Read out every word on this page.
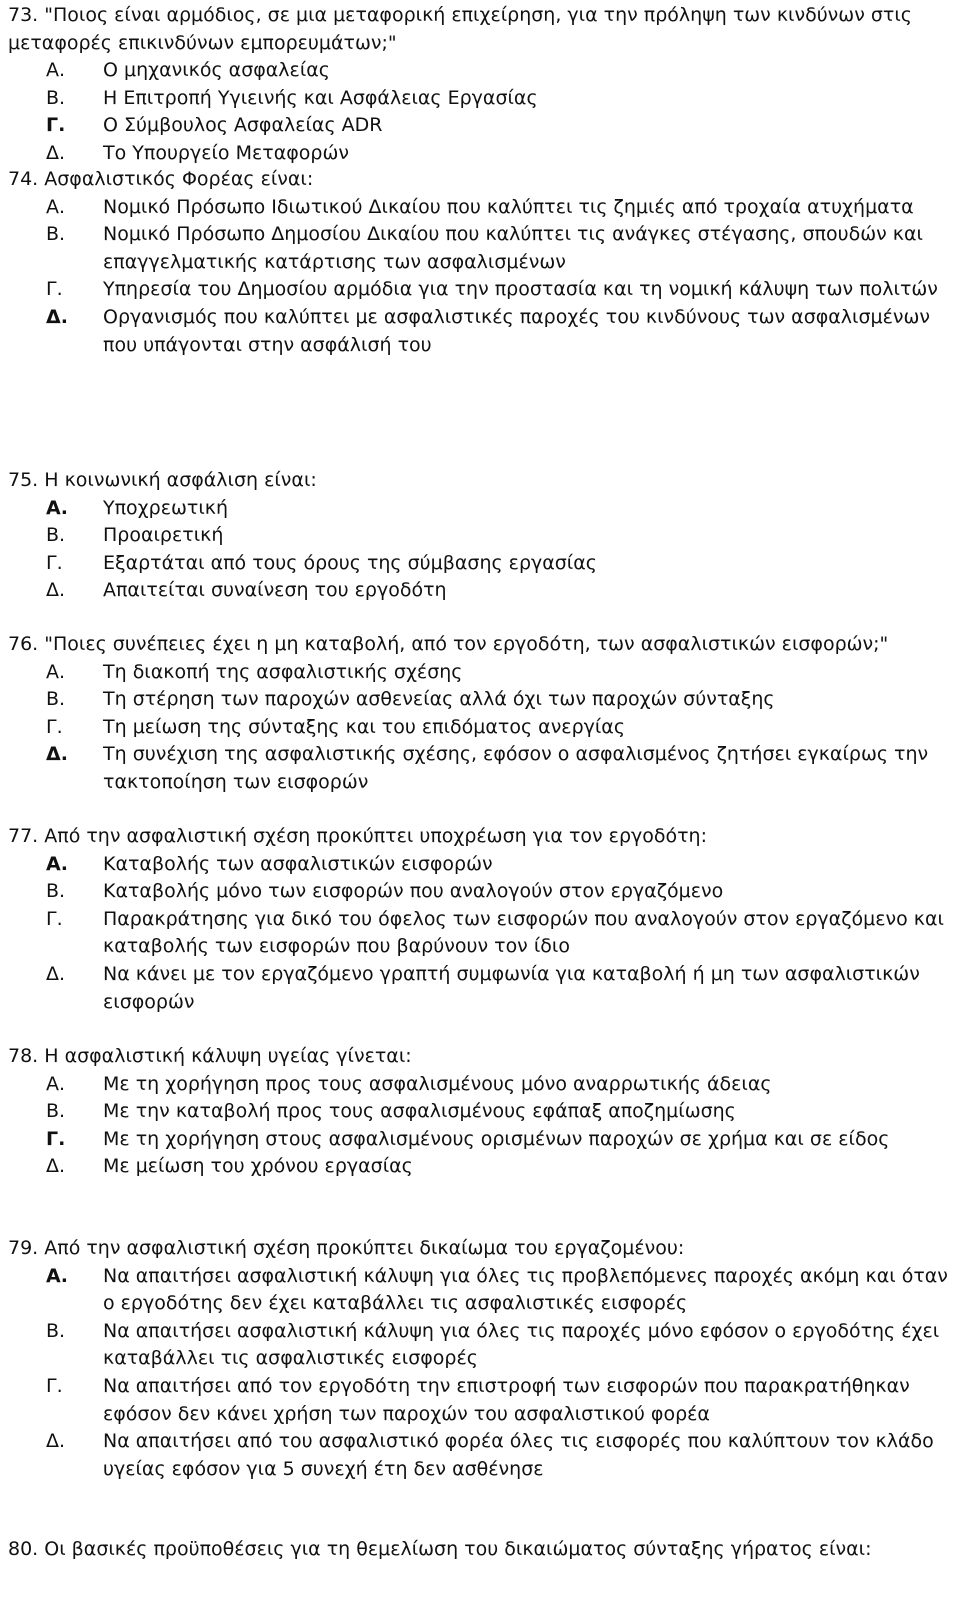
73. "Ποιος είναι αρμόδιος, σε μια μεταφορική επιχείρηση, για την πρόληψη των κινδύνων στις μεταφορές επικινδύνων εμπορευμάτων;"

Α. Ο μηχανικός ασφαλείας
Β. Η Επιτροπή Υγιεινής και Ασφάλειας Εργασίας
Γ. Ο Σύμβουλος Ασφαλείας ADR
Δ. Το Υπουργείο Μεταφορών

74. Ασφαλιστικός Φορέας είναι:

Α. Νομικό Πρόσωπο Ιδιωτικού Δικαίου που καλύπτει τις ζημιές από τροχαία ατυχήματα
Β. Νομικό Πρόσωπο Δημοσίου Δικαίου που καλύπτει τις ανάγκες στέγασης, σπουδών και επαγγελματικής κατάρτισης των ασφαλισμένων
Γ. Υπηρεσία του Δημοσίου αρμόδια για την προστασία και τη νομική κάλυψη των πολιτών
Δ. Οργανισμός που καλύπτει με ασφαλιστικές παροχές του κινδύνους των ασφαλισμένων που υπάγονται στην ασφάλισή του

75. Η κοινωνική ασφάλιση είναι:

Α. Υποχρεωτική
Β. Προαιρετική
Γ. Εξαρτάται από τους όρους της σύμβασης εργασίας
Δ. Απαιτείται συναίνεση του εργοδότη

76. "Ποιες συνέπειες έχει η μη καταβολή, από τον εργοδότη, των ασφαλιστικών εισφορών;"

Α. Τη διακοπή της ασφαλιστικής σχέσης
Β. Τη στέρηση των παροχών ασθενείας αλλά όχι των παροχών σύνταξης
Γ. Τη μείωση της σύνταξης και του επιδόματος ανεργίας
Δ. Τη συνέχιση της ασφαλιστικής σχέσης, εφόσον ο ασφαλισμένος ζητήσει εγκαίρως την τακτοποίηση των εισφορών

77. Από την ασφαλιστική σχέση προκύπτει υποχρέωση για τον εργοδότη:

Α. Καταβολής των ασφαλιστικών εισφορών
Β. Καταβολής μόνο των εισφορών που αναλογούν στον εργαζόμενο
Γ. Παρακράτησης για δικό του όφελος των εισφορών που αναλογούν στον εργαζόμενο και καταβολής των εισφορών που βαρύνουν τον ίδιο
Δ. Να κάνει με τον εργαζόμενο γραπτή συμφωνία για καταβολή ή μη των ασφαλιστικών εισφορών

78. Η ασφαλιστική κάλυψη υγείας γίνεται:

Α. Με τη χορήγηση προς τους ασφαλισμένους μόνο αναρρωτικής άδειας
Β. Με την καταβολή προς τους ασφαλισμένους εφάπαξ αποζημίωσης
Γ. Με τη χορήγηση στους ασφαλισμένους ορισμένων παροχών σε χρήμα και σε είδος
Δ. Με μείωση του χρόνου εργασίας

79. Από την ασφαλιστική σχέση προκύπτει δικαίωμα του εργαζομένου:

Α. Να απαιτήσει ασφαλιστική κάλυψη για όλες τις προβλεπόμενες παροχές ακόμη και όταν ο εργοδότης δεν έχει καταβάλλει τις ασφαλιστικές εισφορές
Β. Να απαιτήσει ασφαλιστική κάλυψη για όλες τις παροχές μόνο εφόσον ο εργοδότης έχει καταβάλλει τις ασφαλιστικές εισφορές
Γ. Να απαιτήσει από τον εργοδότη την επιστροφή των εισφορών που παρακρατήθηκαν εφόσον δεν κάνει χρήση των παροχών του ασφαλιστικού φορέα
Δ. Να απαιτήσει από του ασφαλιστικό φορέα όλες τις εισφορές που καλύπτουν τον κλάδο υγείας εφόσον για 5 συνεχή έτη δεν ασθένησε

80. Οι βασικές προϋποθέσεις για τη θεμελίωση του δικαιώματος σύνταξης γήρατος είναι:
